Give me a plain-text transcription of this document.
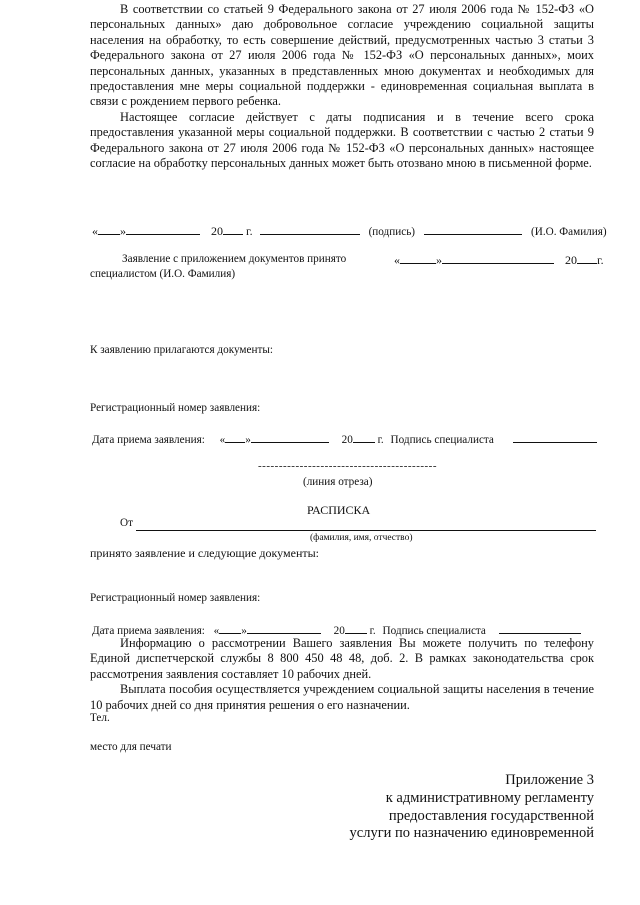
В соответствии со статьей 9 Федерального закона от 27 июля 2006 года № 152-ФЗ «О персональных данных» даю добровольное согласие учреждению социальной защиты населения на обработку, то есть совершение действий, предусмотренных частью 3 статьи 3 Федерального закона от 27 июля 2006 года № 152-ФЗ «О персональных данных», моих персональных данных, указанных в представленных мною документах и необходимых для предоставления мне меры социальной поддержки - единовременная социальная выплата в связи с рождением первого ребенка.
Настоящее согласие действует с даты подписания и в течение всего срока предоставления указанной меры социальной поддержки. В соответствии с частью 2 статьи 9 Федерального закона от 27 июля 2006 года № 152-ФЗ «О персональных данных» настоящее согласие на обработку персональных данных может быть отозвано мною в письменной форме.
« »	20 г.	(подпись)	(И.О. Фамилия)
Заявление с приложением документов принято	«	»	20 г.
специалистом (И.О. Фамилия)
К заявлению прилагаются документы:
Регистрационный номер заявления:
Дата приема заявления: « »	20 г. Подпись специалиста
-------------------------------------------
(линия отреза)
РАСПИСКА
От
(фамилия, имя, отчество)
принято заявление и следующие документы:
Регистрационный номер заявления:
Дата приема заявления: « »	20 г. Подпись специалиста
Информацию о рассмотрении Вашего заявления Вы можете получить по телефону Единой диспетчерской службы 8 800 450 48 48, доб. 2. В рамках законодательства срок рассмотрения заявления составляет 10 рабочих дней.
Выплата пособия осуществляется учреждением социальной защиты населения в течение 10 рабочих дней со дня принятия решения о его назначении.
Тел.
место для печати
Приложение 3
к административному регламенту
предоставления государственной
услуги по назначению единовременной
